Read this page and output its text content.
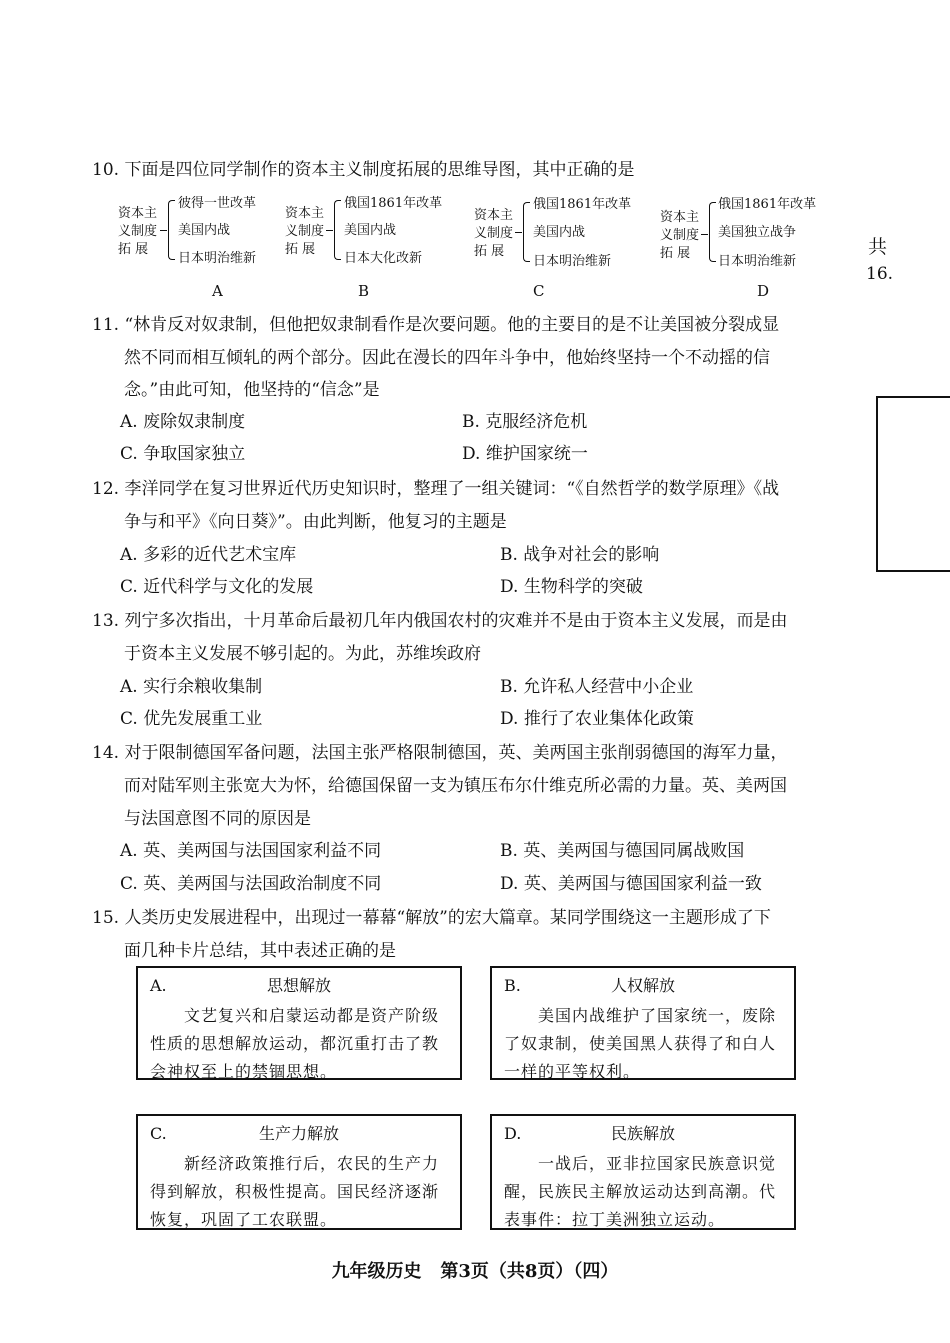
共
16.
10. 下面是四位同学制作的资本主义制度拓展的思维导图，其中正确的是
资本主
义制度
拓 展
彼得一世改革
美国内战
日本明治维新
A
资本主
义制度
拓 展
俄国1861年改革
美国内战
日本大化改新
B
资本主
义制度
拓 展
俄国1861年改革
美国内战
日本明治维新
C
资本主
义制度
拓 展
俄国1861年改革
美国独立战争
日本明治维新
D
11. “林肯反对奴隶制，但他把奴隶制看作是次要问题。他的主要目的是不让美国被分裂成显
然不同而相互倾轧的两个部分。因此在漫长的四年斗争中，他始终坚持一个不动摇的信
念。”由此可知，他坚持的“信念”是
A. 废除奴隶制度	B. 克服经济危机
C. 争取国家独立	D. 维护国家统一
12. 李洋同学在复习世界近代历史知识时，整理了一组关键词：“《自然哲学的数学原理》《战
争与和平》《向日葵》”。由此判断，他复习的主题是
A. 多彩的近代艺术宝库	B. 战争对社会的影响
C. 近代科学与文化的发展	D. 生物科学的突破
13. 列宁多次指出，十月革命后最初几年内俄国农村的灾难并不是由于资本主义发展，而是由
于资本主义发展不够引起的。为此，苏维埃政府
A. 实行余粮收集制	B. 允许私人经营中小企业
C. 优先发展重工业	D. 推行了农业集体化政策
14. 对于限制德国军备问题，法国主张严格限制德国，英、美两国主张削弱德国的海军力量，
而对陆军则主张宽大为怀，给德国保留一支为镇压布尔什维克所必需的力量。英、美两国
与法国意图不同的原因是
A. 英、美两国与法国国家利益不同	B. 英、美两国与德国同属战败国
C. 英、美两国与法国政治制度不同	D. 英、美两国与德国国家利益一致
15. 人类历史发展进程中，出现过一幕幕“解放”的宏大篇章。某同学围绕这一主题形成了下
面几种卡片总结，其中表述正确的是
A.	思想解放
　　文艺复兴和启蒙运动都是资产阶级性质的思想解放运动，都沉重打击了教会神权至上的禁锢思想。
B.	人权解放
　　美国内战维护了国家统一，废除了奴隶制，使美国黑人获得了和白人一样的平等权利。
C.	生产力解放
　　新经济政策推行后，农民的生产力得到解放，积极性提高。国民经济逐渐恢复，巩固了工农联盟。
D.	民族解放
　　一战后，亚非拉国家民族意识觉醒，民族民主解放运动达到高潮。代表事件：拉丁美洲独立运动。
九年级历史   第3页（共8页）（四）
